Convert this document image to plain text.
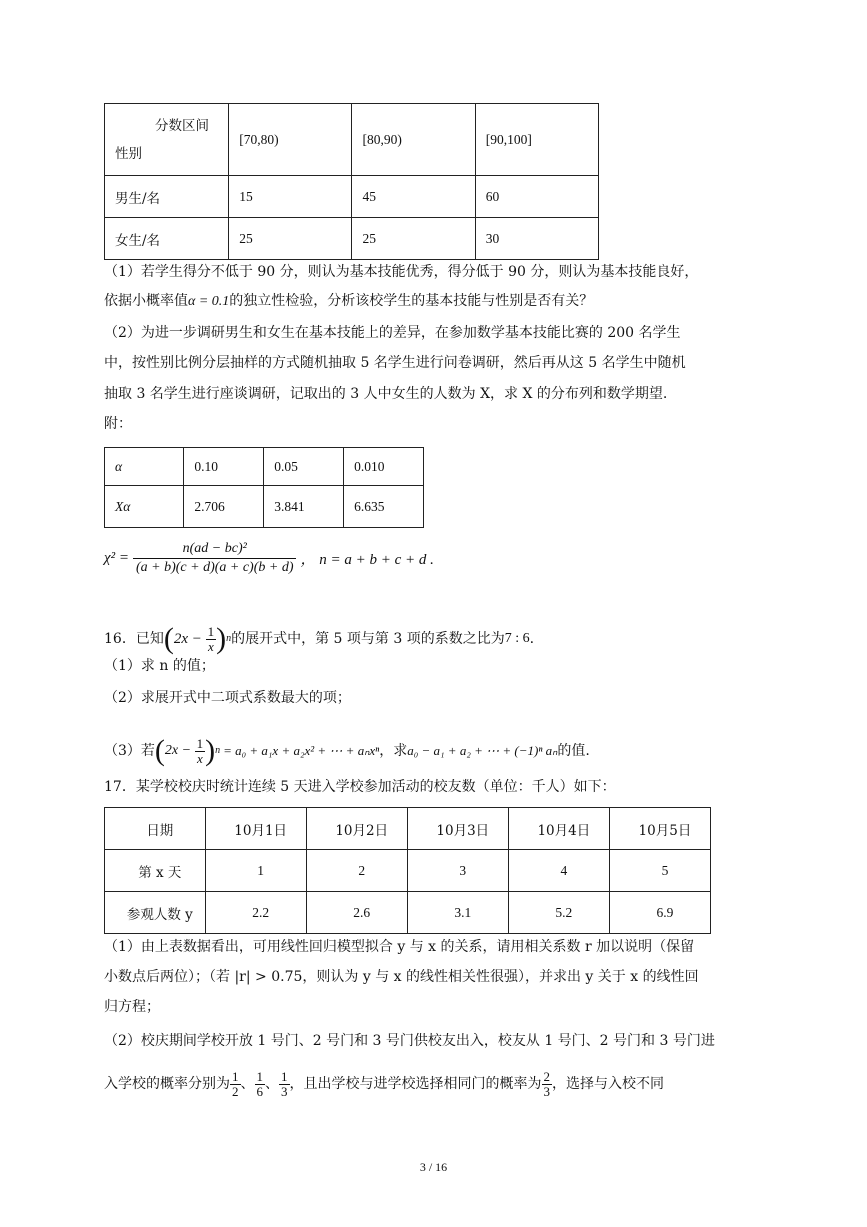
分数区间
性别	[70,80)	[80,90)	[90,100]
男生/名	15	45	60
女生/名	25	25	30
（1）若学生得分不低于 90 分，则认为基本技能优秀，得分低于 90 分，则认为基本技能良好，
依据小概率值α = 0.1的独立性检验，分析该校学生的基本技能与性别是否有关？
（2）为进一步调研男生和女生在基本技能上的差异，在参加数学基本技能比赛的 200 名学生
中，按性别比例分层抽样的方式随机抽取 5 名学生进行问卷调研，然后再从这 5 名学生中随机
抽取 3 名学生进行座谈调研，记取出的 3 人中女生的人数为 X，求 X 的分布列和数学期望.
附：
α	0.10	0.05	0.010
Xα	2.706	3.841	6.635
$\chi^2 = \frac{\text{n(ad − bc)²}}{(a + b)(c + d)(a + c)(b + d)}$ ， n = a + b + c + d .
16．已知 ( $2x - \frac{1}{x}$ ) n 的展开式中，第 5 项与第 3 项的系数之比为 7 : 6 .
（1）求 n 的值；
（2）求展开式中二项式系数最大的项；
（3）若 ( $2x - \frac{1}{x}$ ) n = a₀ + a₁x + a₂x² + ⋯ + aₙxⁿ ，求 a₀ − a₁ + a₂ + ⋯ + (−1)ⁿ aₙ 的值.
17．某学校校庆时统计连续 5 天进入学校参加活动的校友数（单位：千人）如下：
日期	10月1日	10月2日	10月3日	10月4日	10月5日
第 x 天	1	2	3	4	5
参观人数 y	2.2	2.6	3.1	5.2	6.9
（1）由上表数据看出，可用线性回归模型拟合 y 与 x 的关系，请用相关系数 r 加以说明（保留
小数点后两位）；（若 |r| > 0.75，则认为 y 与 x 的线性相关性很强），并求出 y 关于 x 的线性回
归方程；
（2）校庆期间学校开放 1 号门、2 号门和 3 号门供校友出入，校友从 1 号门、2 号门和 3 号门进
入学校的概率分别为 $\frac{1}{2}$ 、 $\frac{1}{6}$ 、 $\frac{1}{3}$ ，且出学校与进学校选择相同门的概率为 $\frac{2}{3}$ ，选择与入校不同
3 / 16
